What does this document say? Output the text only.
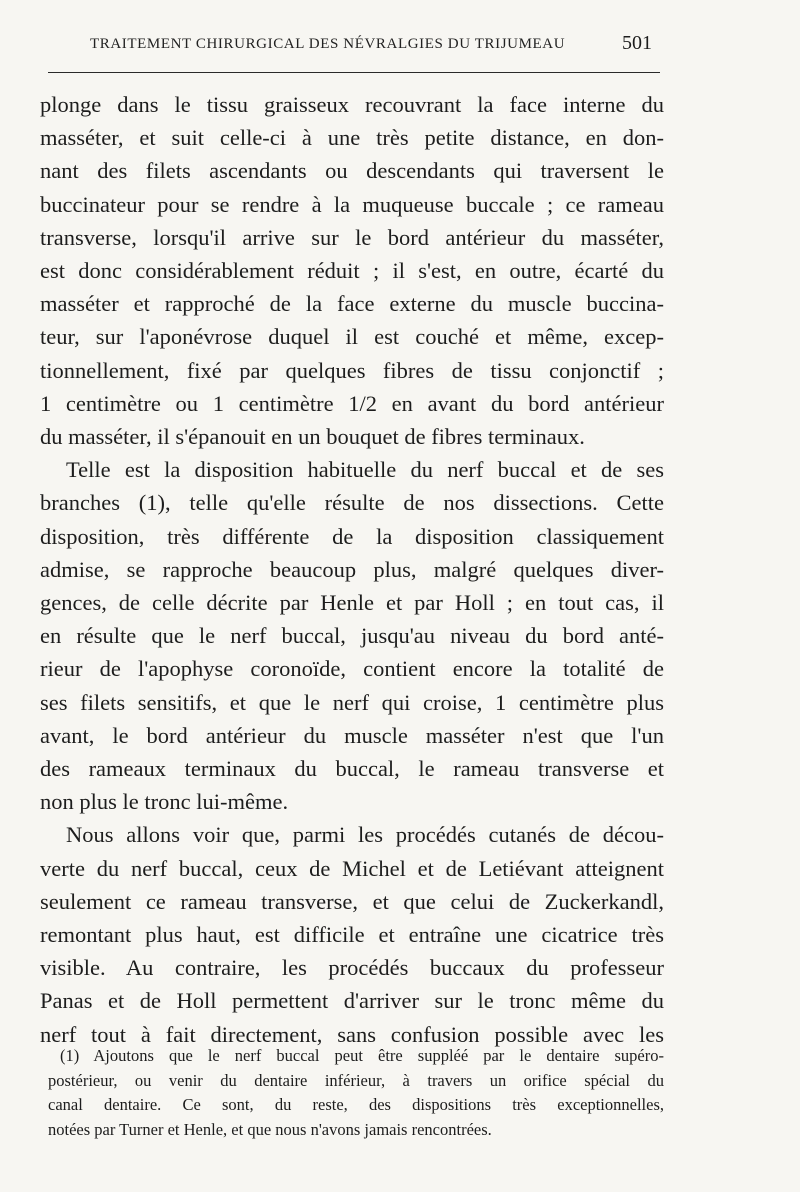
TRAITEMENT CHIRURGICAL DES NÉVRALGIES DU TRIJUMEAU	501

plonge dans le tissu graisseux recouvrant la face interne du
masséter, et suit celle-ci à une très petite distance, en don-
nant des filets ascendants ou descendants qui traversent le
buccinateur pour se rendre à la muqueuse buccale ; ce rameau
transverse, lorsqu'il arrive sur le bord antérieur du masséter,
est donc considérablement réduit ; il s'est, en outre, écarté du
masséter et rapproché de la face externe du muscle buccina-
teur, sur l'aponévrose duquel il est couché et même, excep-
tionnellement, fixé par quelques fibres de tissu conjonctif ;
1 centimètre ou 1 centimètre 1/2 en avant du bord antérieur
du masséter, il s'épanouit en un bouquet de fibres terminaux.

Telle est la disposition habituelle du nerf buccal et de ses
branches (1), telle qu'elle résulte de nos dissections. Cette
disposition, très différente de la disposition classiquement
admise, se rapproche beaucoup plus, malgré quelques diver-
gences, de celle décrite par Henle et par Holl ; en tout cas, il
en résulte que le nerf buccal, jusqu'au niveau du bord anté-
rieur de l'apophyse coronoïde, contient encore la totalité de
ses filets sensitifs, et que le nerf qui croise, 1 centimètre plus
avant, le bord antérieur du muscle masséter n'est que l'un
des rameaux terminaux du buccal, le rameau transverse et
non plus le tronc lui-même.

Nous allons voir que, parmi les procédés cutanés de décou-
verte du nerf buccal, ceux de Michel et de Letiévant atteignent
seulement ce rameau transverse, et que celui de Zuckerkandl,
remontant plus haut, est difficile et entraîne une cicatrice très
visible. Au contraire, les procédés buccaux du professeur
Panas et de Holl permettent d'arriver sur le tronc même du
nerf tout à fait directement, sans confusion possible avec les

(1) Ajoutons que le nerf buccal peut être suppléé par le dentaire supéro-
postérieur, ou venir du dentaire inférieur, à travers un orifice spécial du
canal dentaire. Ce sont, du reste, des dispositions très exceptionnelles,
notées par Turner et Henle, et que nous n'avons jamais rencontrées.
